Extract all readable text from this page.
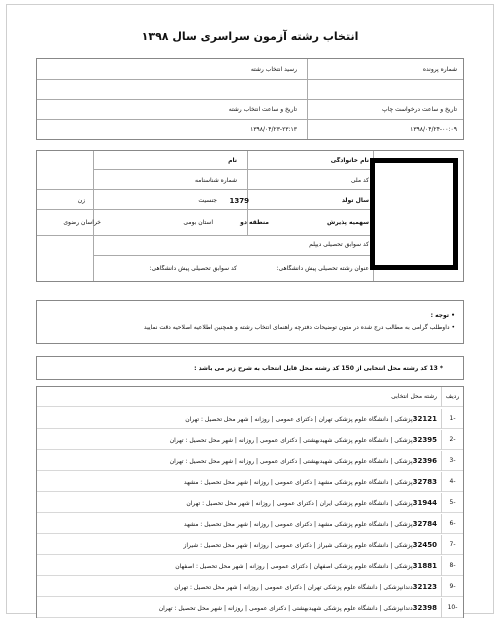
انتخاب رشته آزمون سراسری سال ۱۳۹۸
شماره پرونده
رسید انتخاب رشته
تاریخ و ساعت درخواست چاپ
۱۳۹۸/۰۴/۲۴-۰۰:۰۹
تاریخ و ساعت انتخاب رشته
۱۳۹۸/۰۴/۲۳-۲۳:۱۳
نام خانوادگی
نام
کد ملی
شماره شناسنامه
سال تولد
1379
جنسیت
زن
سهمیه پذیرش
منطقه دو
استان بومی
خراسان رضوی
کد سوابق تحصیلی دیپلم
عنوان رشته تحصیلی پیش دانشگاهی:
کد سوابق تحصیلی پیش دانشگاهی:
• توجه :
• داوطلب گرامی به مطالب درج شده در متون توضیحات دفترچه راهنمای انتخاب رشته و همچنین اطلاعیه اصلاحیه دقت نمایید
* 13 کد رشته محل انتخابی از 150 کد رشته محل قابل انتخاب به شرح زیر می باشد :
ردیف
رشته محل انتخابی
1-
32121پزشکی | دانشگاه علوم پزشکی تهران | دکترای عمومی | روزانه | شهر محل تحصیل : تهران
2-
32395پزشکی | دانشگاه علوم پزشکی شهیدبهشتی | دکترای عمومی | روزانه | شهر محل تحصیل : تهران
3-
32396پزشکی | دانشگاه علوم پزشکی شهیدبهشتی | دکترای عمومی | روزانه | شهر محل تحصیل : تهران
4-
32783پزشکی | دانشگاه علوم پزشکی مشهد | دکترای عمومی | روزانه | شهر محل تحصیل : مشهد
5-
31944پزشکی | دانشگاه علوم پزشکی ایران | دکترای عمومی | روزانه | شهر محل تحصیل : تهران
6-
32784پزشکی | دانشگاه علوم پزشکی مشهد | دکترای عمومی | روزانه | شهر محل تحصیل : مشهد
7-
32450پزشکی | دانشگاه علوم پزشکی شیراز | دکترای عمومی | روزانه | شهر محل تحصیل : شیراز
8-
31881پزشکی | دانشگاه علوم پزشکی اصفهان | دکترای عمومی | روزانه | شهر محل تحصیل : اصفهان
9-
32123دندانپزشکی | دانشگاه علوم پزشکی تهران | دکترای عمومی | روزانه | شهر محل تحصیل : تهران
10-
32398دندانپزشکی | دانشگاه علوم پزشکی شهیدبهشتی | دکترای عمومی | روزانه | شهر محل تحصیل : تهران
